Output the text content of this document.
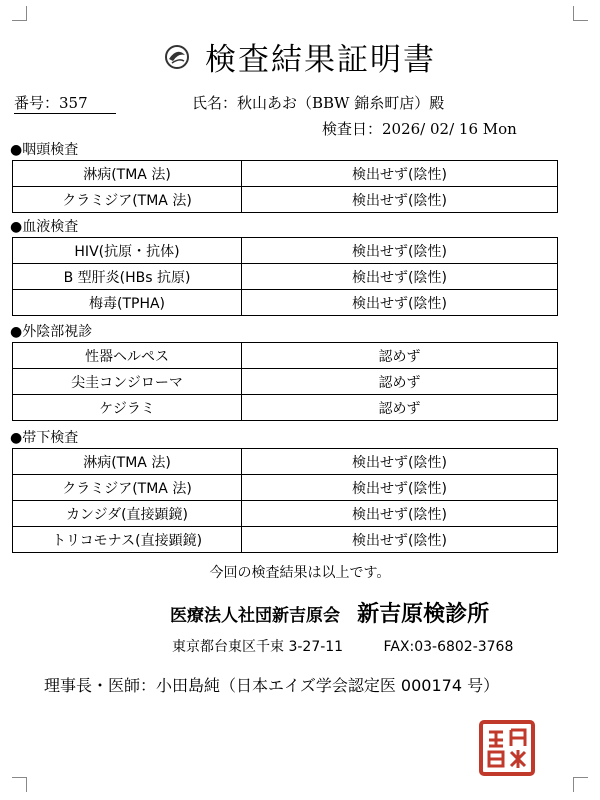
検査結果証明書
番号：357	氏名：秋山あお（BBW 錦糸町店）殿
検査日：2026/ 02/ 16 Mon
●咽頭検査
淋病(TMA 法)	検出せず(陰性)
クラミジア(TMA 法)	検出せず(陰性)
●血液検査
HIV(抗原・抗体)	検出せず(陰性)
B 型肝炎(HBs 抗原)	検出せず(陰性)
梅毒(TPHA)	検出せず(陰性)
●外陰部視診
性器ヘルペス	認めず
尖圭コンジローマ	認めず
ケジラミ	認めず
●帯下検査
淋病(TMA 法)	検出せず(陰性)
クラミジア(TMA 法)	検出せず(陰性)
カンジダ(直接顕鏡)	検出せず(陰性)
トリコモナス(直接顕鏡)	検出せず(陰性)
今回の検査結果は以上です。
医療法人社団新吉原会 新吉原検診所
東京都台東区千束 3-27-11	FAX:03-6802-3768
理事長・医師：小田島純（日本エイズ学会認定医 000174 号）
